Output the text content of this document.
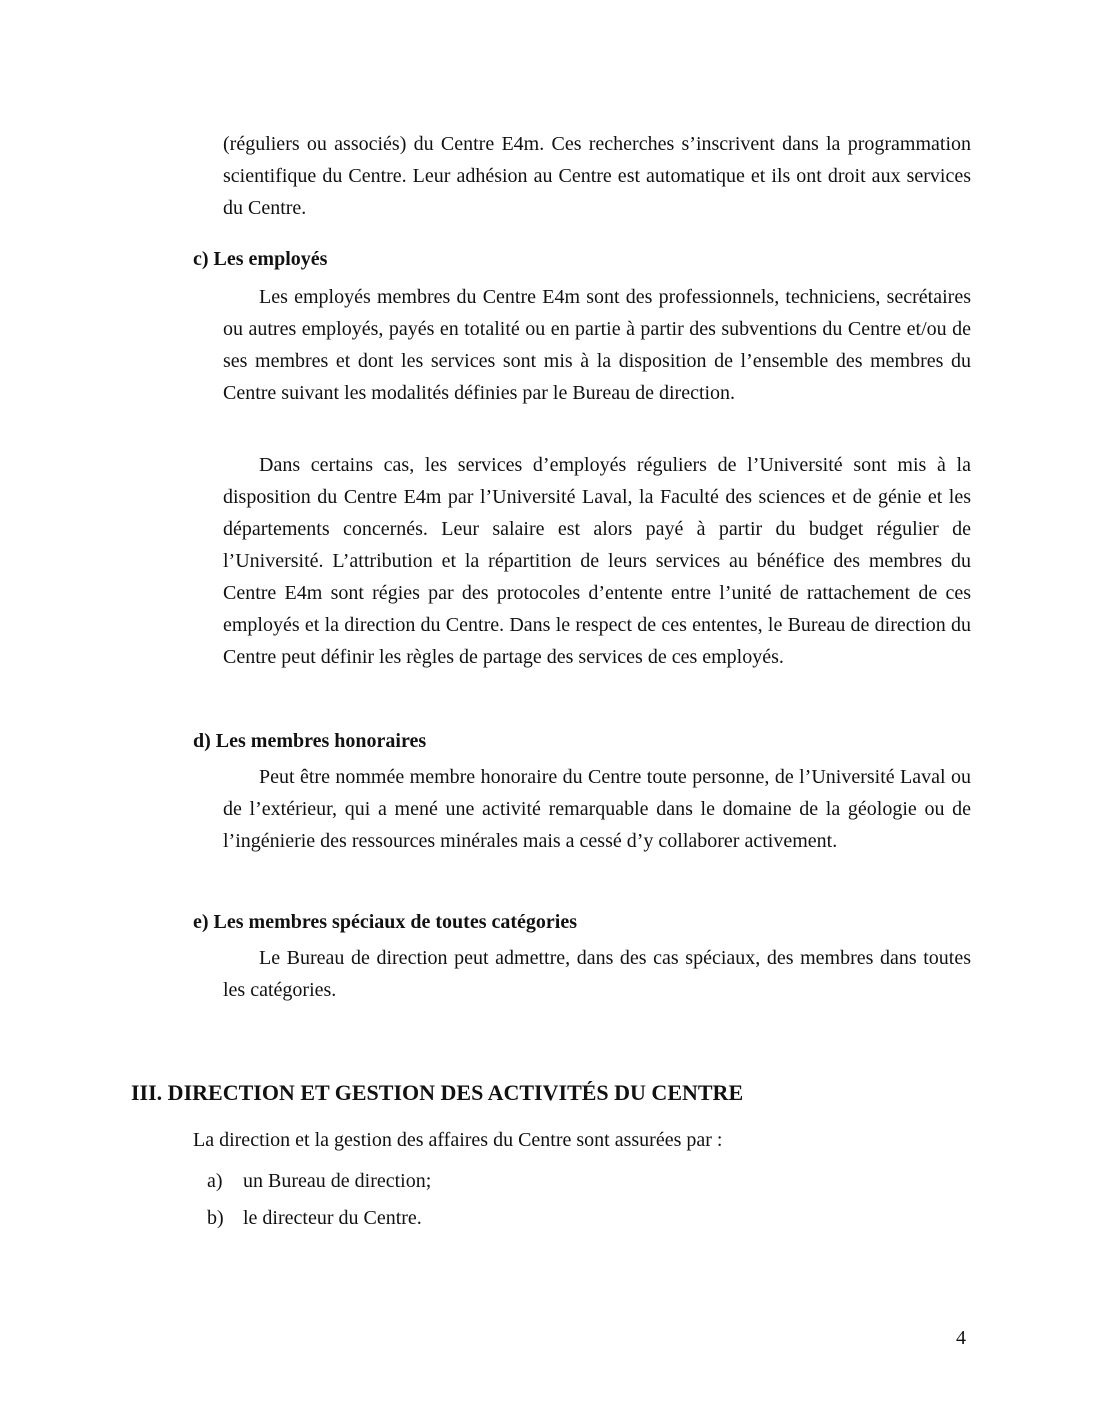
(réguliers ou associés) du Centre E4m. Ces recherches s’inscrivent dans la programmation scientifique du Centre. Leur adhésion au Centre est automatique et ils ont droit aux services du Centre.

c) Les employés

Les employés membres du Centre E4m sont des professionnels, techniciens, secrétaires ou autres employés, payés en totalité ou en partie à partir des subventions du Centre et/ou de ses membres et dont les services sont mis à la disposition de l’ensemble des membres du Centre suivant les modalités définies par le Bureau de direction.

Dans certains cas, les services d’employés réguliers de l’Université sont mis à la disposition du Centre E4m par l’Université Laval, la Faculté des sciences et de génie et les départements concernés. Leur salaire est alors payé à partir du budget régulier de l’Université. L’attribution et la répartition de leurs services au bénéfice des membres du Centre E4m sont régies par des protocoles d’entente entre l’unité de rattachement de ces employés et la direction du Centre. Dans le respect de ces ententes, le Bureau de direction du Centre peut définir les règles de partage des services de ces employés.

d) Les membres honoraires

Peut être nommée membre honoraire du Centre toute personne, de l’Université Laval ou de l’extérieur, qui a mené une activité remarquable dans le domaine de la géologie ou de l’ingénierie des ressources minérales mais a cessé d’y collaborer activement.

e) Les membres spéciaux de toutes catégories

Le Bureau de direction peut admettre, dans des cas spéciaux, des membres dans toutes les catégories.

III. DIRECTION ET GESTION DES ACTIVITÉS DU CENTRE

La direction et la gestion des affaires du Centre sont assurées par :

a) un Bureau de direction;
b) le directeur du Centre.

4
